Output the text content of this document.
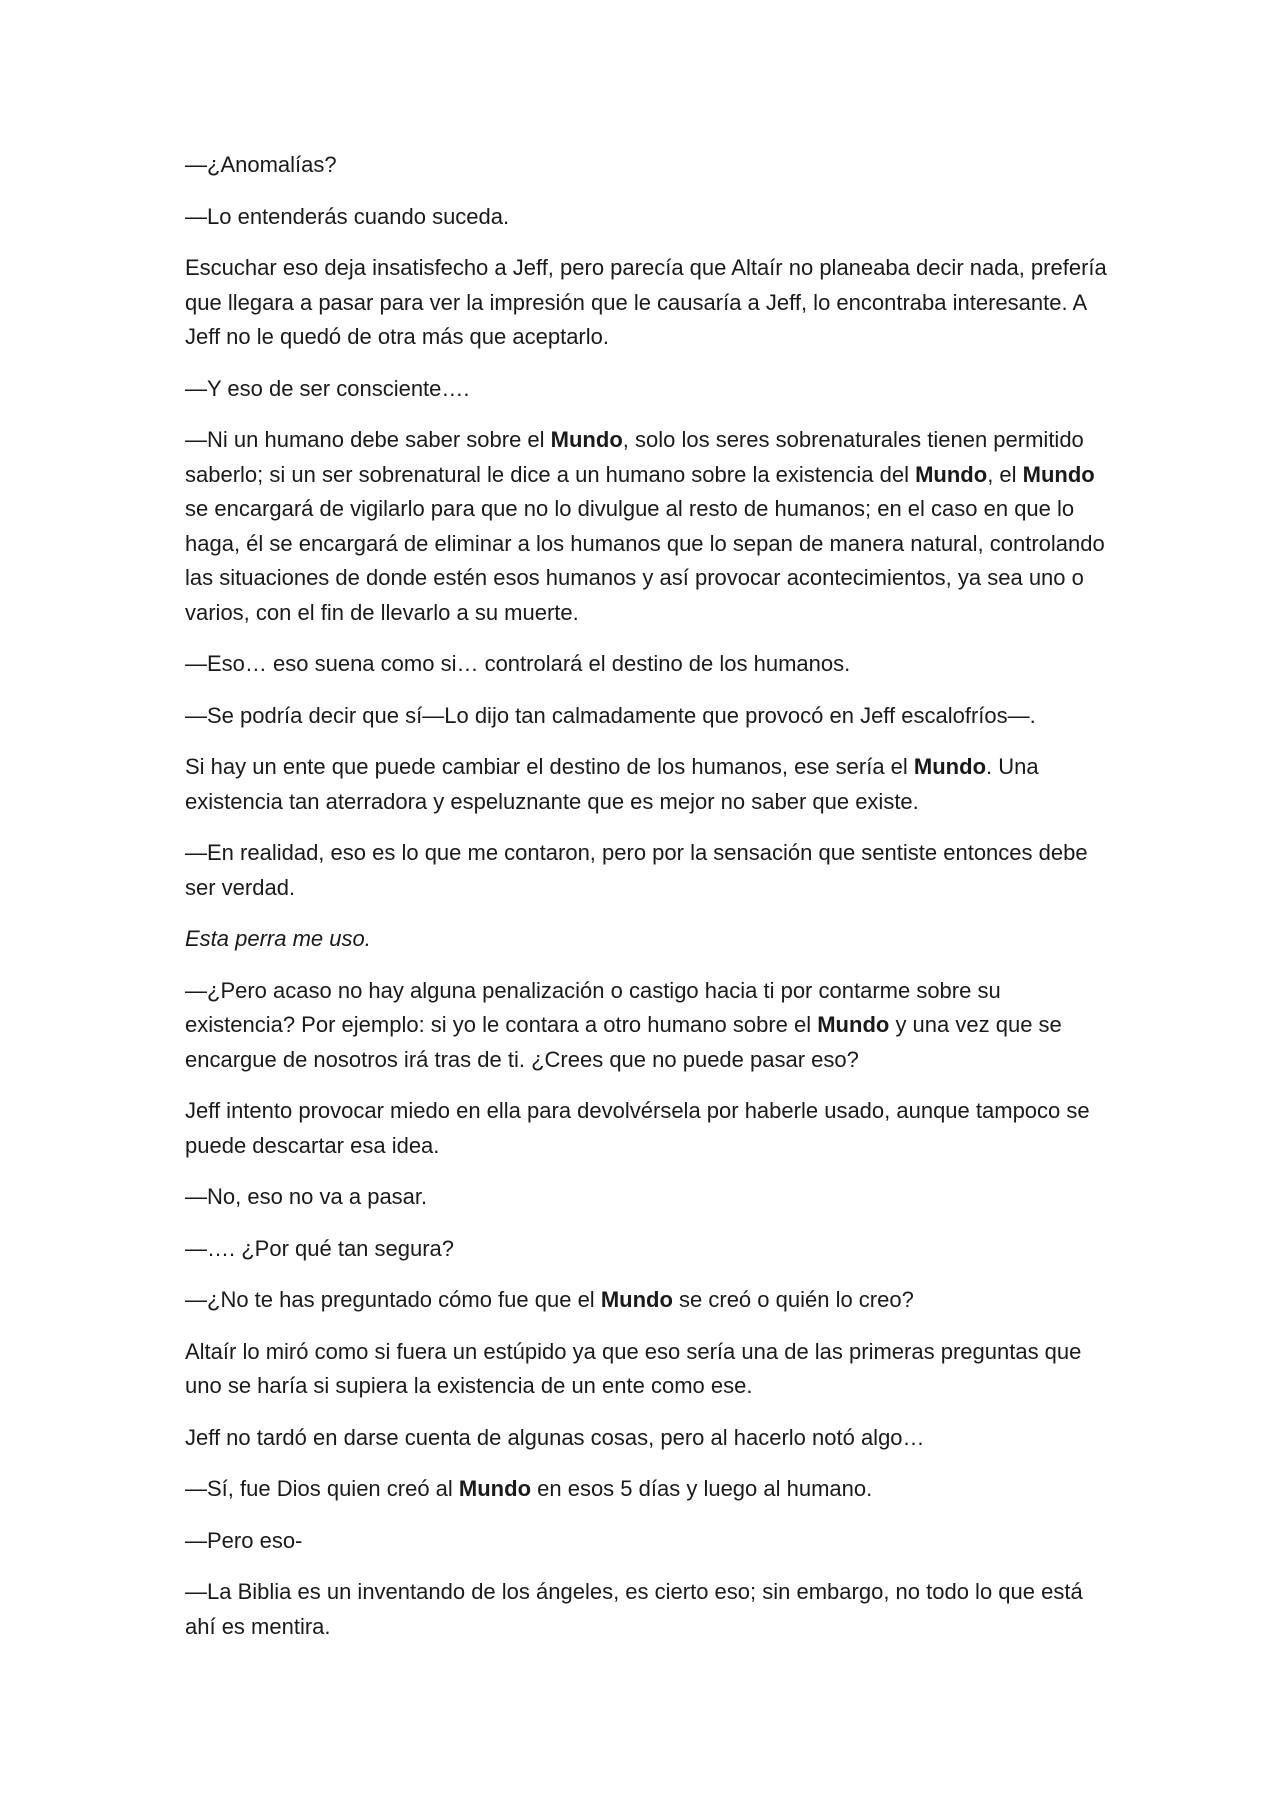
—¿Anomalías?

—Lo entenderás cuando suceda.

Escuchar eso deja insatisfecho a Jeff, pero parecía que Altaír no planeaba decir nada, prefería que llegara a pasar para ver la impresión que le causaría a Jeff, lo encontraba interesante. A Jeff no le quedó de otra más que aceptarlo.

—Y eso de ser consciente….

—Ni un humano debe saber sobre el Mundo, solo los seres sobrenaturales tienen permitido saberlo; si un ser sobrenatural le dice a un humano sobre la existencia del Mundo, el Mundo se encargará de vigilarlo para que no lo divulgue al resto de humanos; en el caso en que lo haga, él se encargará de eliminar a los humanos que lo sepan de manera natural, controlando las situaciones de donde estén esos humanos y así provocar acontecimientos, ya sea uno o varios, con el fin de llevarlo a su muerte.

—Eso… eso suena como si… controlará el destino de los humanos.

—Se podría decir que sí—Lo dijo tan calmadamente que provocó en Jeff escalofríos—.

Si hay un ente que puede cambiar el destino de los humanos, ese sería el Mundo. Una existencia tan aterradora y espeluznante que es mejor no saber que existe.

—En realidad, eso es lo que me contaron, pero por la sensación que sentiste entonces debe ser verdad.

Esta perra me uso.

—¿Pero acaso no hay alguna penalización o castigo hacia ti por contarme sobre su existencia? Por ejemplo: si yo le contara a otro humano sobre el Mundo y una vez que se encargue de nosotros irá tras de ti. ¿Crees que no puede pasar eso?

Jeff intento provocar miedo en ella para devolvérsela por haberle usado, aunque tampoco se puede descartar esa idea.

—No, eso no va a pasar.

—…. ¿Por qué tan segura?

—¿No te has preguntado cómo fue que el Mundo se creó o quién lo creo?

Altaír lo miró como si fuera un estúpido ya que eso sería una de las primeras preguntas que uno se haría si supiera la existencia de un ente como ese.

Jeff no tardó en darse cuenta de algunas cosas, pero al hacerlo notó algo…

—Sí, fue Dios quien creó al Mundo en esos 5 días y luego al humano.

—Pero eso-

—La Biblia es un inventando de los ángeles, es cierto eso; sin embargo, no todo lo que está ahí es mentira.
